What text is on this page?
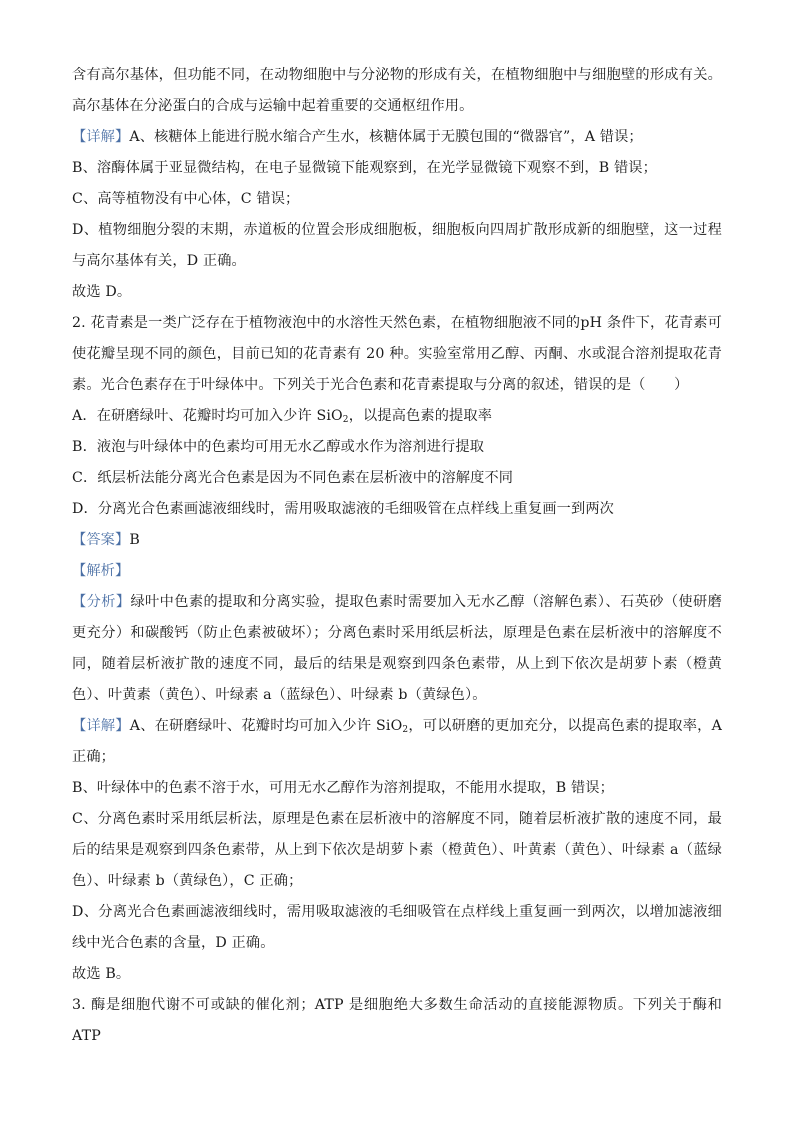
含有高尔基体，但功能不同，在动物细胞中与分泌物的形成有关，在植物细胞中与细胞壁的形成有关。高尔基体在分泌蛋白的合成与运输中起着重要的交通枢纽作用。

【详解】A、核糖体上能进行脱水缩合产生水，核糖体属于无膜包围的“微器官”，A 错误；

B、溶酶体属于亚显微结构，在电子显微镜下能观察到，在光学显微镜下观察不到，B 错误；

C、高等植物没有中心体，C 错误；

D、植物细胞分裂的末期，赤道板的位置会形成细胞板，细胞板向四周扩散形成新的细胞壁，这一过程与高尔基体有关，D 正确。

故选 D。

2. 花青素是一类广泛存在于植物液泡中的水溶性天然色素，在植物细胞液不同的pH 条件下，花青素可使花瓣呈现不同的颜色，目前已知的花青素有 20 种。实验室常用乙醇、丙酮、水或混合溶剂提取花青素。光合色素存在于叶绿体中。下列关于光合色素和花青素提取与分离的叙述，错误的是（　　）

A．在研磨绿叶、花瓣时均可加入少许 SiO$_2$，以提高色素的提取率

B．液泡与叶绿体中的色素均可用无水乙醇或水作为溶剂进行提取

C．纸层析法能分离光合色素是因为不同色素在层析液中的溶解度不同

D．分离光合色素画滤液细线时，需用吸取滤液的毛细吸管在点样线上重复画一到两次

【答案】B

【解析】

【分析】绿叶中色素的提取和分离实验，提取色素时需要加入无水乙醇（溶解色素）、石英砂（使研磨更充分）和碳酸钙（防止色素被破坏）；分离色素时采用纸层析法，原理是色素在层析液中的溶解度不同，随着层析液扩散的速度不同，最后的结果是观察到四条色素带，从上到下依次是胡萝卜素（橙黄色）、叶黄素（黄色）、叶绿素 a（蓝绿色）、叶绿素 b（黄绿色）。

【详解】A、在研磨绿叶、花瓣时均可加入少许 SiO$_2$，可以研磨的更加充分，以提高色素的提取率，A 正确；

B、叶绿体中的色素不溶于水，可用无水乙醇作为溶剂提取，不能用水提取，B 错误；

C、分离色素时采用纸层析法，原理是色素在层析液中的溶解度不同，随着层析液扩散的速度不同，最后的结果是观察到四条色素带，从上到下依次是胡萝卜素（橙黄色）、叶黄素（黄色）、叶绿素 a（蓝绿色）、叶绿素 b（黄绿色），C 正确；

D、分离光合色素画滤液细线时，需用吸取滤液的毛细吸管在点样线上重复画一到两次，以增加滤液细线中光合色素的含量，D 正确。

故选 B。

3. 酶是细胞代谢不可或缺的催化剂；ATP 是细胞绝大多数生命活动的直接能源物质。下列关于酶和 ATP
